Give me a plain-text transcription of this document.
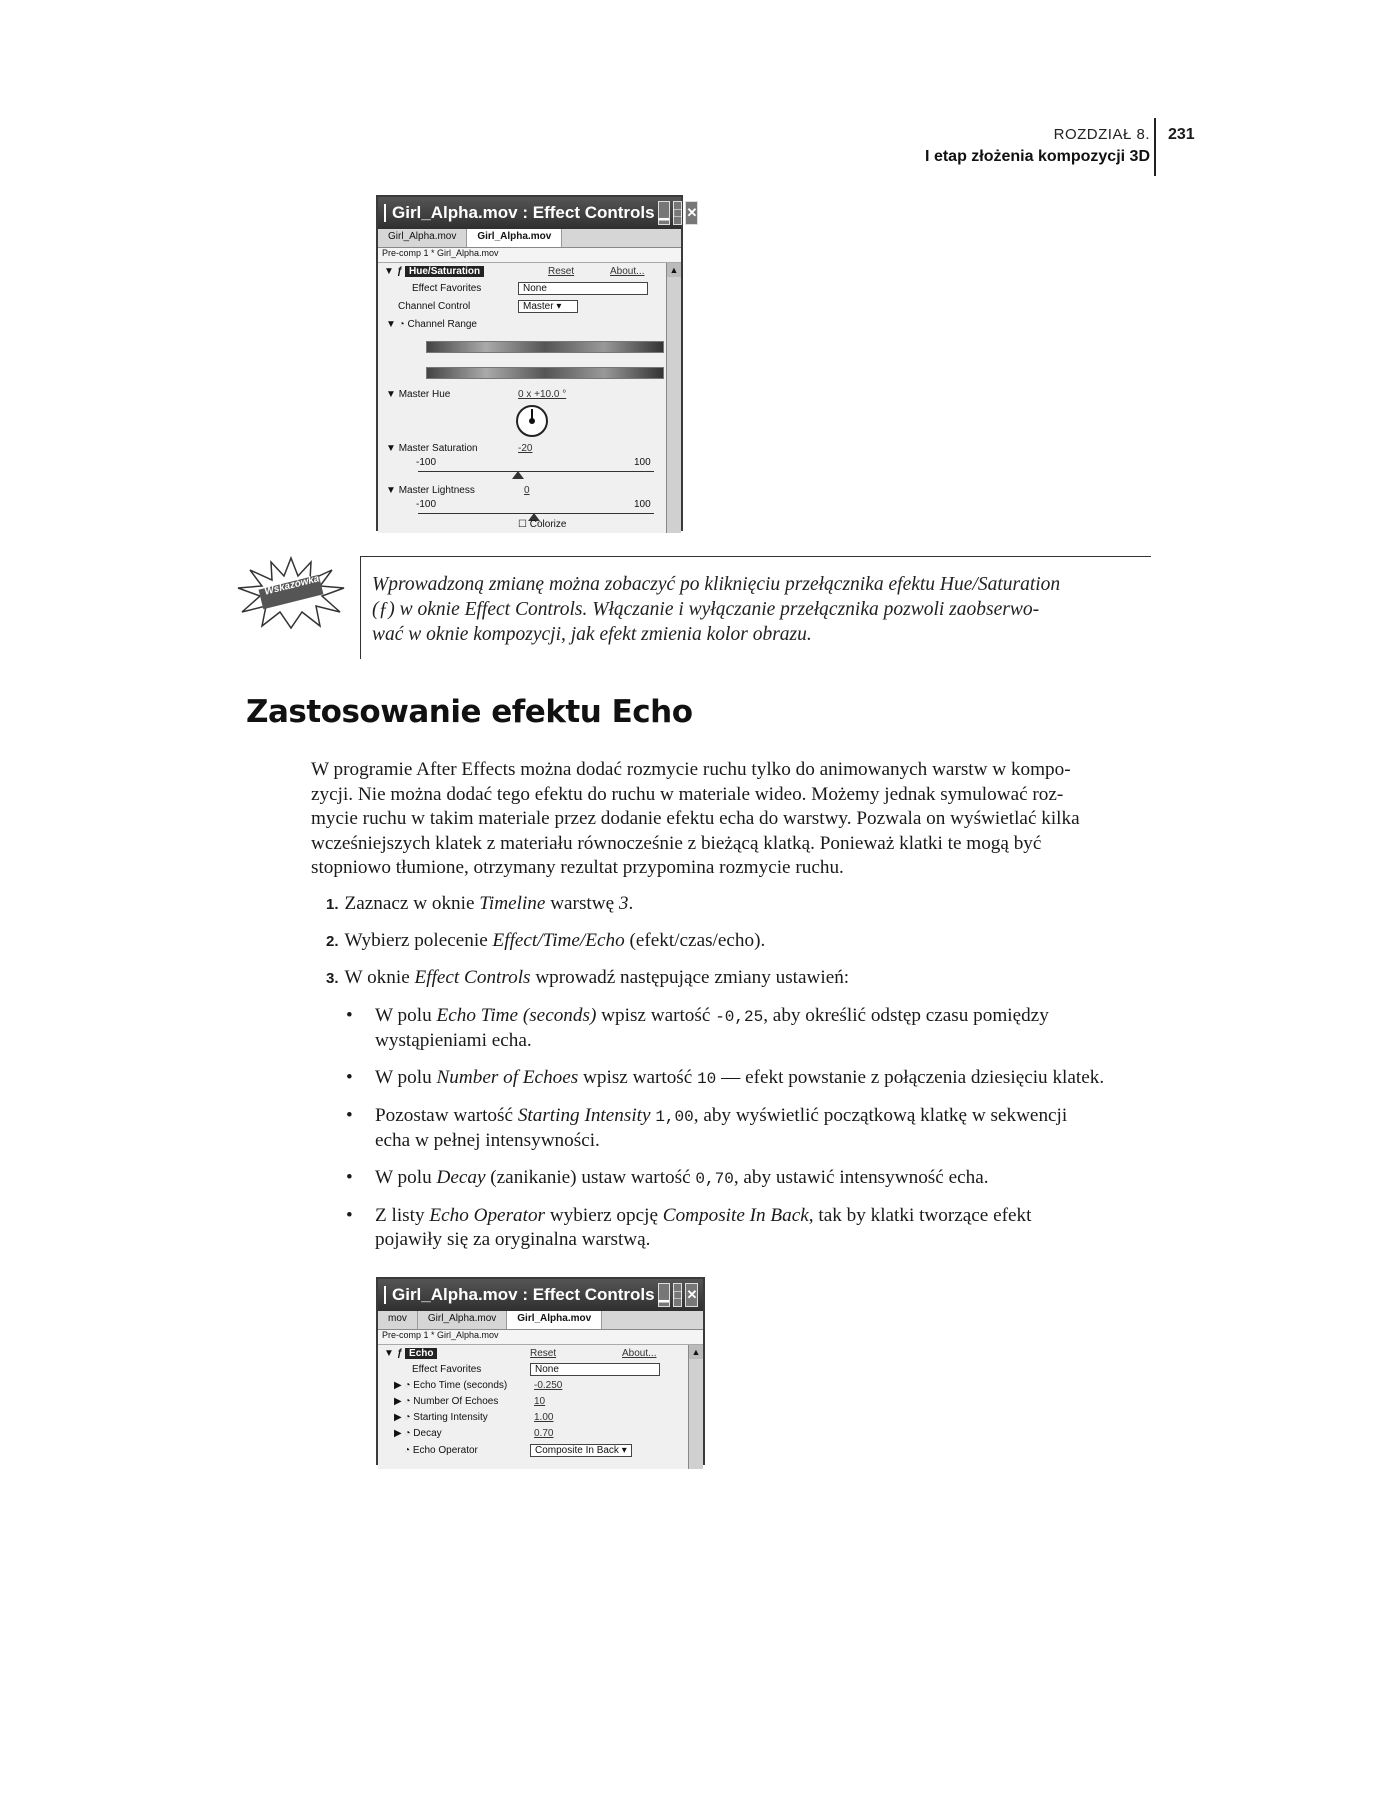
ROZDZIAŁ 8.
I etap złożenia kompozycji 3D
231
Girl_Alpha.mov : Effect Controls ▁ □ ✕
Girl_Alpha.mov	Girl_Alpha.mov
Pre-comp 1 * Girl_Alpha.mov
▼ ƒ Hue/Saturation	Reset	About...
Effect Favorites	None
Channel Control	Master ▾
▼ ◔ Channel Range
▼ Master Hue	0 x +10.0 °
▼ Master Saturation	-20
-100	100
▼ Master Lightness	0
-100	100
☐ Colorize
▲
Wskazówka	Wprowadzoną zmianę można zobaczyć po kliknięciu przełącznika efektu Hue/Saturation
(ƒ) w oknie Effect Controls. Włączanie i wyłączanie przełącznika pozwoli zaobserwo-
wać w oknie kompozycji, jak efekt zmienia kolor obrazu.
Zastosowanie efektu Echo
W programie After Effects można dodać rozmycie ruchu tylko do animowanych warstw w kompo-
zycji. Nie można dodać tego efektu do ruchu w materiale wideo. Możemy jednak symulować roz-
mycie ruchu w takim materiale przez dodanie efektu echa do warstwy. Pozwala on wyświetlać kilka
wcześniejszych klatek z materiału równocześnie z bieżącą klatką. Ponieważ klatki te mogą być
stopniowo tłumione, otrzymany rezultat przypomina rozmycie ruchu.
1. Zaznacz w oknie Timeline warstwę 3.
2. Wybierz polecenie Effect/Time/Echo (efekt/czas/echo).
3. W oknie Effect Controls wprowadź następujące zmiany ustawień:
• W polu Echo Time (seconds) wpisz wartość -0,25, aby określić odstęp czasu pomiędzy
wystąpieniami echa.
• W polu Number of Echoes wpisz wartość 10 — efekt powstanie z połączenia dziesięciu klatek.
• Pozostaw wartość Starting Intensity 1,00, aby wyświetlić początkową klatkę w sekwencji
echa w pełnej intensywności.
• W polu Decay (zanikanie) ustaw wartość 0,70, aby ustawić intensywność echa.
• Z listy Echo Operator wybierz opcję Composite In Back, tak by klatki tworzące efekt
pojawiły się za oryginalna warstwą.
Girl_Alpha.mov : Effect Controls ▁ □ ✕
mov	Girl_Alpha.mov	Girl_Alpha.mov
Pre-comp 1 * Girl_Alpha.mov
▼ ƒ Echo	Reset	About...
Effect Favorites	None
▶ ◔ Echo Time (seconds)	-0.250
▶ ◔ Number Of Echoes	10
▶ ◔ Starting Intensity	1.00
▶ ◔ Decay	0.70
◔ Echo Operator	Composite In Back ▾
▲
